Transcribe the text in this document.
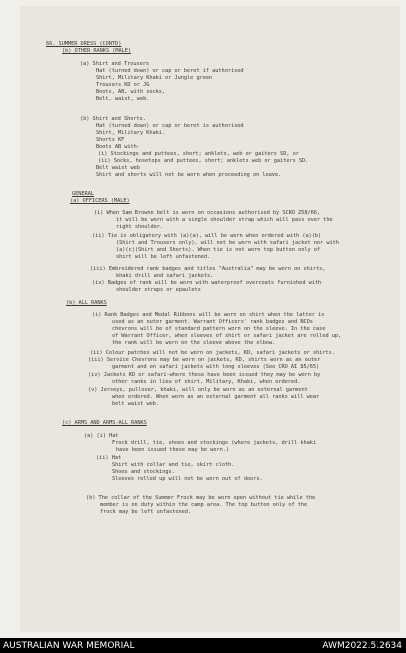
66. SUMMER DRESS (CONTD)
(b) OTHER RANKS (MALE)
(a) Shirt and Trousers
Hat (turned down) or cap or beret if authorised
Shirt, Military Khaki or Jungle green
Trousers KD or JG
Boots, AB, with socks,
Belt, waist, web.
(b) Shirt and Shorts.
Hat (turned down) or cap or beret is authorised
Shirt, Military Khaki.
Shorts KF
Boots AB with-
(i) Stockings and puttees, short; anklets, web or gaiters SD, or
(ii) Socks, hosetops and puttees, short; anklets web or gaiters SD.
Belt waist web
Shirt and shorts will not be worn when proceeding on leave.
GENERAL
(a) OFFICERS (MALE)
(i) When Sam Browne belt is worn on occasions authorised by SCRO 258/66,
it will be worn with a single shoulder strap which will pass over the
right shoulder.
(ii) Tie is obligatory with (a)(a), will be worn when ordered with (a)(b)
(Shirt and Trousers only), will not be worn with safari jacket nor with
(a)(c)(Shirt and Shorts). When tie is not worn top button only of
shirt will be left unfastened.
(iii) Embroidered rank badges and titles "Australia" may be worn on shirts,
khaki drill and safari jackets.
(iv) Badges of rank will be worn with waterproof overcoats furnished with
shoulder straps or epaulets
(b) ALL RANKS
(i) Rank Badges and Medal Ribbons will be worn on shirt when the latter is
used as an outer garment. Warrant Officers' rank badges and NCOs
chevrons will be of standard pattern worn on the sleeve. In the case
of Warrant Officer, when sleeves of shirt or safari jacket are rolled up,
the rank will be worn on the sleeve above the elbow.
(ii) Colour patches will not be worn on jackets, KD, safari jackets or shirts.
(iii) Service Chevrons may be worn on jackets, KD, shirts worn as an outer
garment and on safari jackets with long sleeves (See CRO AI 85/65)
(iv) Jackets KD or safari-where these have been issued they may be worn by
other ranks in lieu of shirt, Military, Khaki, when ordered.
(v) Jerseys, pullover, khaki, will only be worn as an external garment
when ordered. When worn as an external garment all ranks will wear
belt waist web.
(c) ARMS AND ARMS-ALL RANKS
(a) (i) Hat
Frock drill, tie, shoes and stockings (where jackets, drill khaki
have been issued these may be worn.)
(ii) Hat
Shirt with collar and tie, skirt cloth.
Shoes and stockings.
Sleeves rolled up will not be worn out of doors.
(b) The collar of the Summer Frock may be worn open without tie while the
member is on duty within the camp area. The top button only of the
frock may be left unfastened.
AUSTRALIAN WAR MEMORIAL	AWM2022.5.2634
